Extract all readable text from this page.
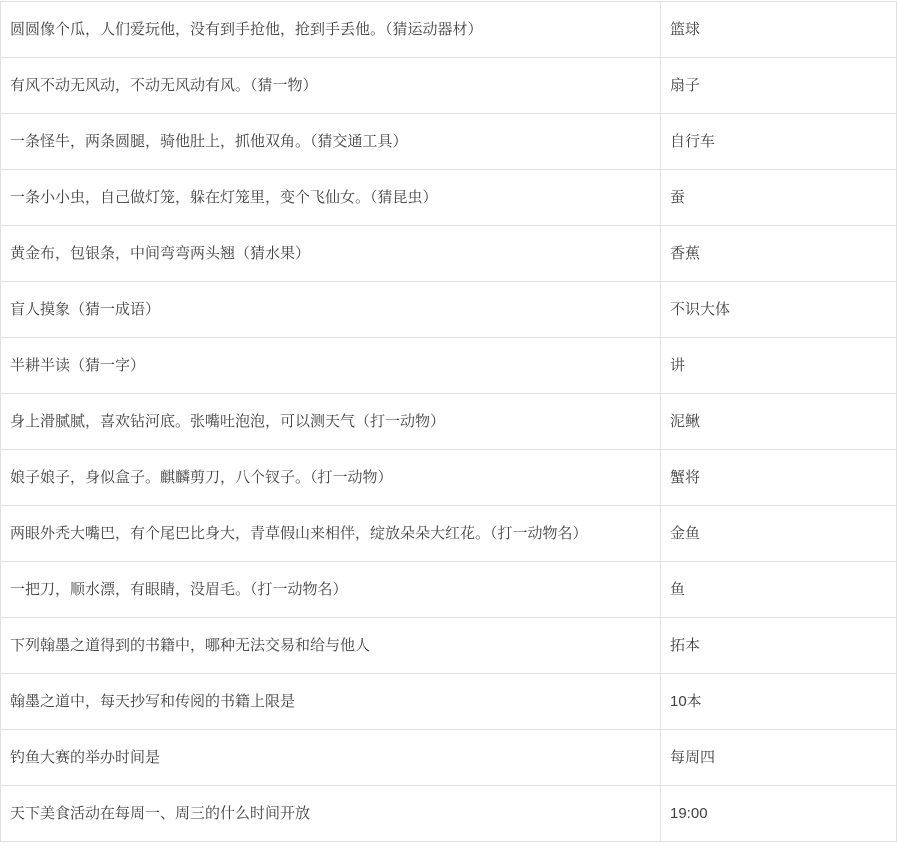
圆圆像个瓜，人们爱玩他，没有到手抢他，抢到手丢他。（猜运动器材）	篮球
有风不动无风动，不动无风动有风。（猜一物）	扇子
一条怪牛，两条圆腿，骑他肚上，抓他双角。（猜交通工具）	自行车
一条小小虫，自己做灯笼，躲在灯笼里，变个飞仙女。（猜昆虫）	蚕
黄金布，包银条，中间弯弯两头翘（猜水果）	香蕉
盲人摸象（猜一成语）	不识大体
半耕半读（猜一字）	讲
身上滑腻腻，喜欢钻河底。张嘴吐泡泡，可以测天气（打一动物）	泥鳅
娘子娘子，身似盒子。麒麟剪刀，八个钗子。（打一动物）	蟹将
两眼外秃大嘴巴，有个尾巴比身大，青草假山来相伴，绽放朵朵大红花。（打一动物名）	金鱼
一把刀，顺水漂，有眼睛，没眉毛。（打一动物名）	鱼
下列翰墨之道得到的书籍中，哪种无法交易和给与他人	拓本
翰墨之道中，每天抄写和传阅的书籍上限是	10本
钓鱼大赛的举办时间是	每周四
天下美食活动在每周一、周三的什么时间开放	19:00
